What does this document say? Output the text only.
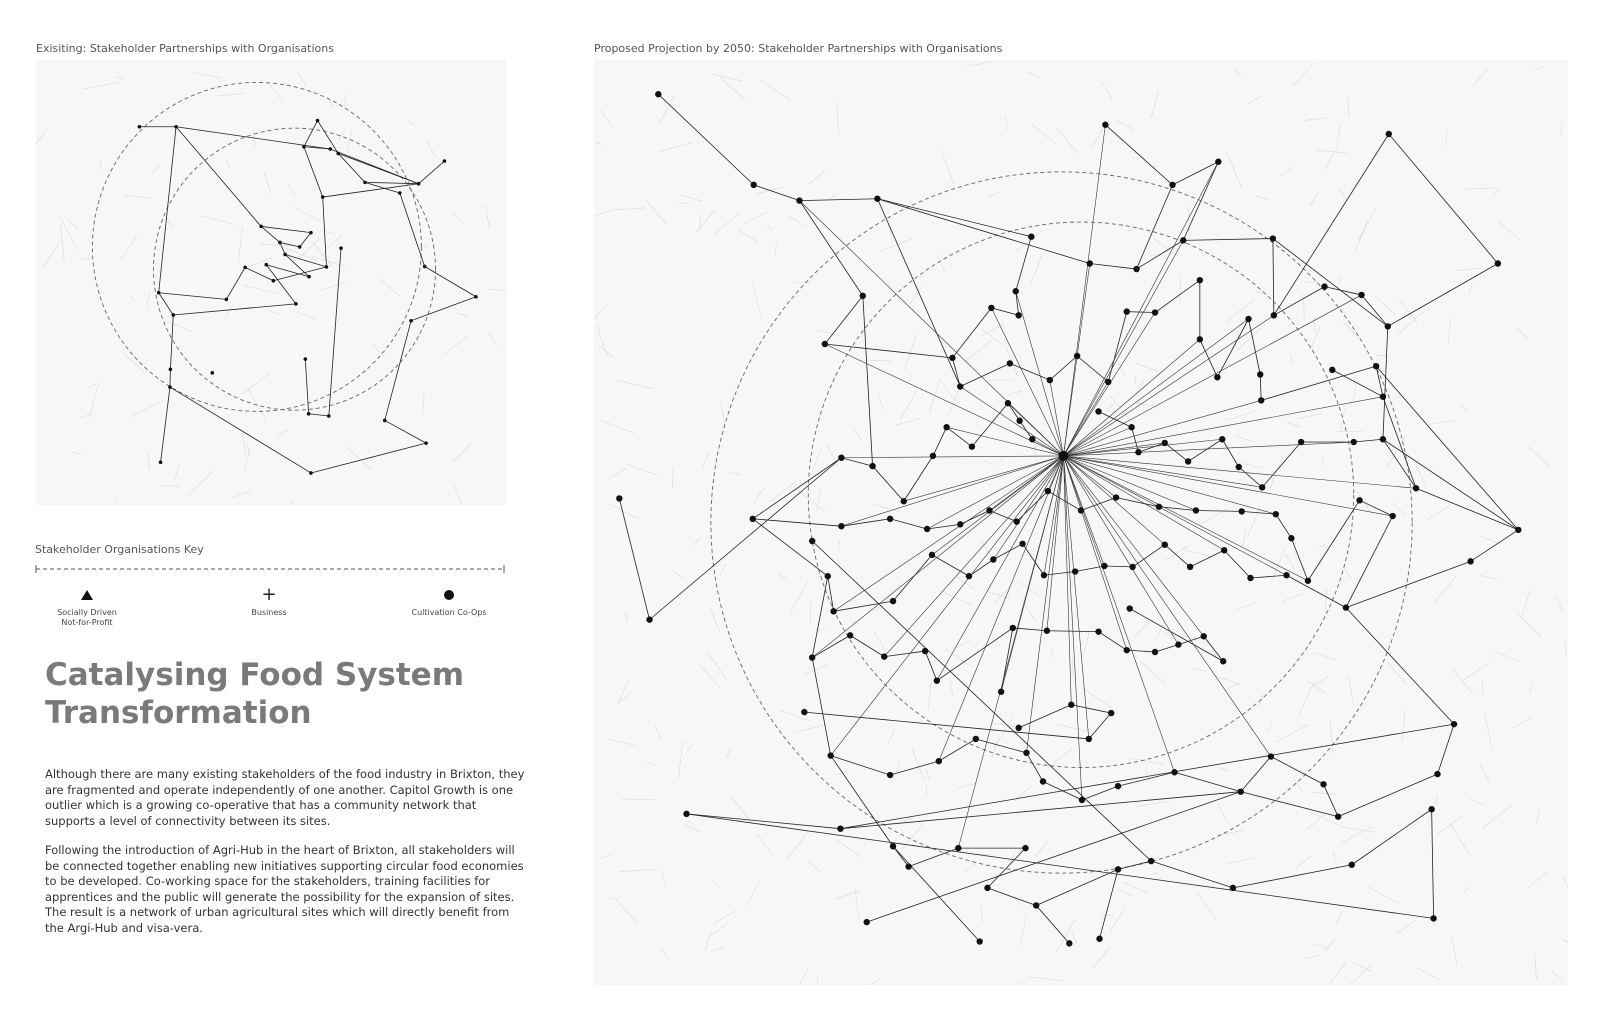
Exisiting: Stakeholder Partnerships with Organisations	Proposed Projection by 2050: Stakeholder Partnerships with Organisations
Stakeholder Organisations Key
Socially Driven
Not-for-Profit
+
Business	Cultivation Co-Ops
Catalysing Food System
Transformation

Although there are many existing stakeholders of the food industry in Brixton, they are fragmented and operate independently of one another. Capitol Growth is one outlier which is a growing co-operative that has a community network that supports a level of connectivity between its sites.

Following the introduction of Agri-Hub in the heart of Brixton, all stakeholders will be connected together enabling new initiatives supporting circular food economies to be developed. Co-working space for the stakeholders, training facilities for apprentices and the public will generate the possibility for the expansion of sites. The result is a network of urban agricultural sites which will directly benefit from the Argi-Hub and visa-vera.
